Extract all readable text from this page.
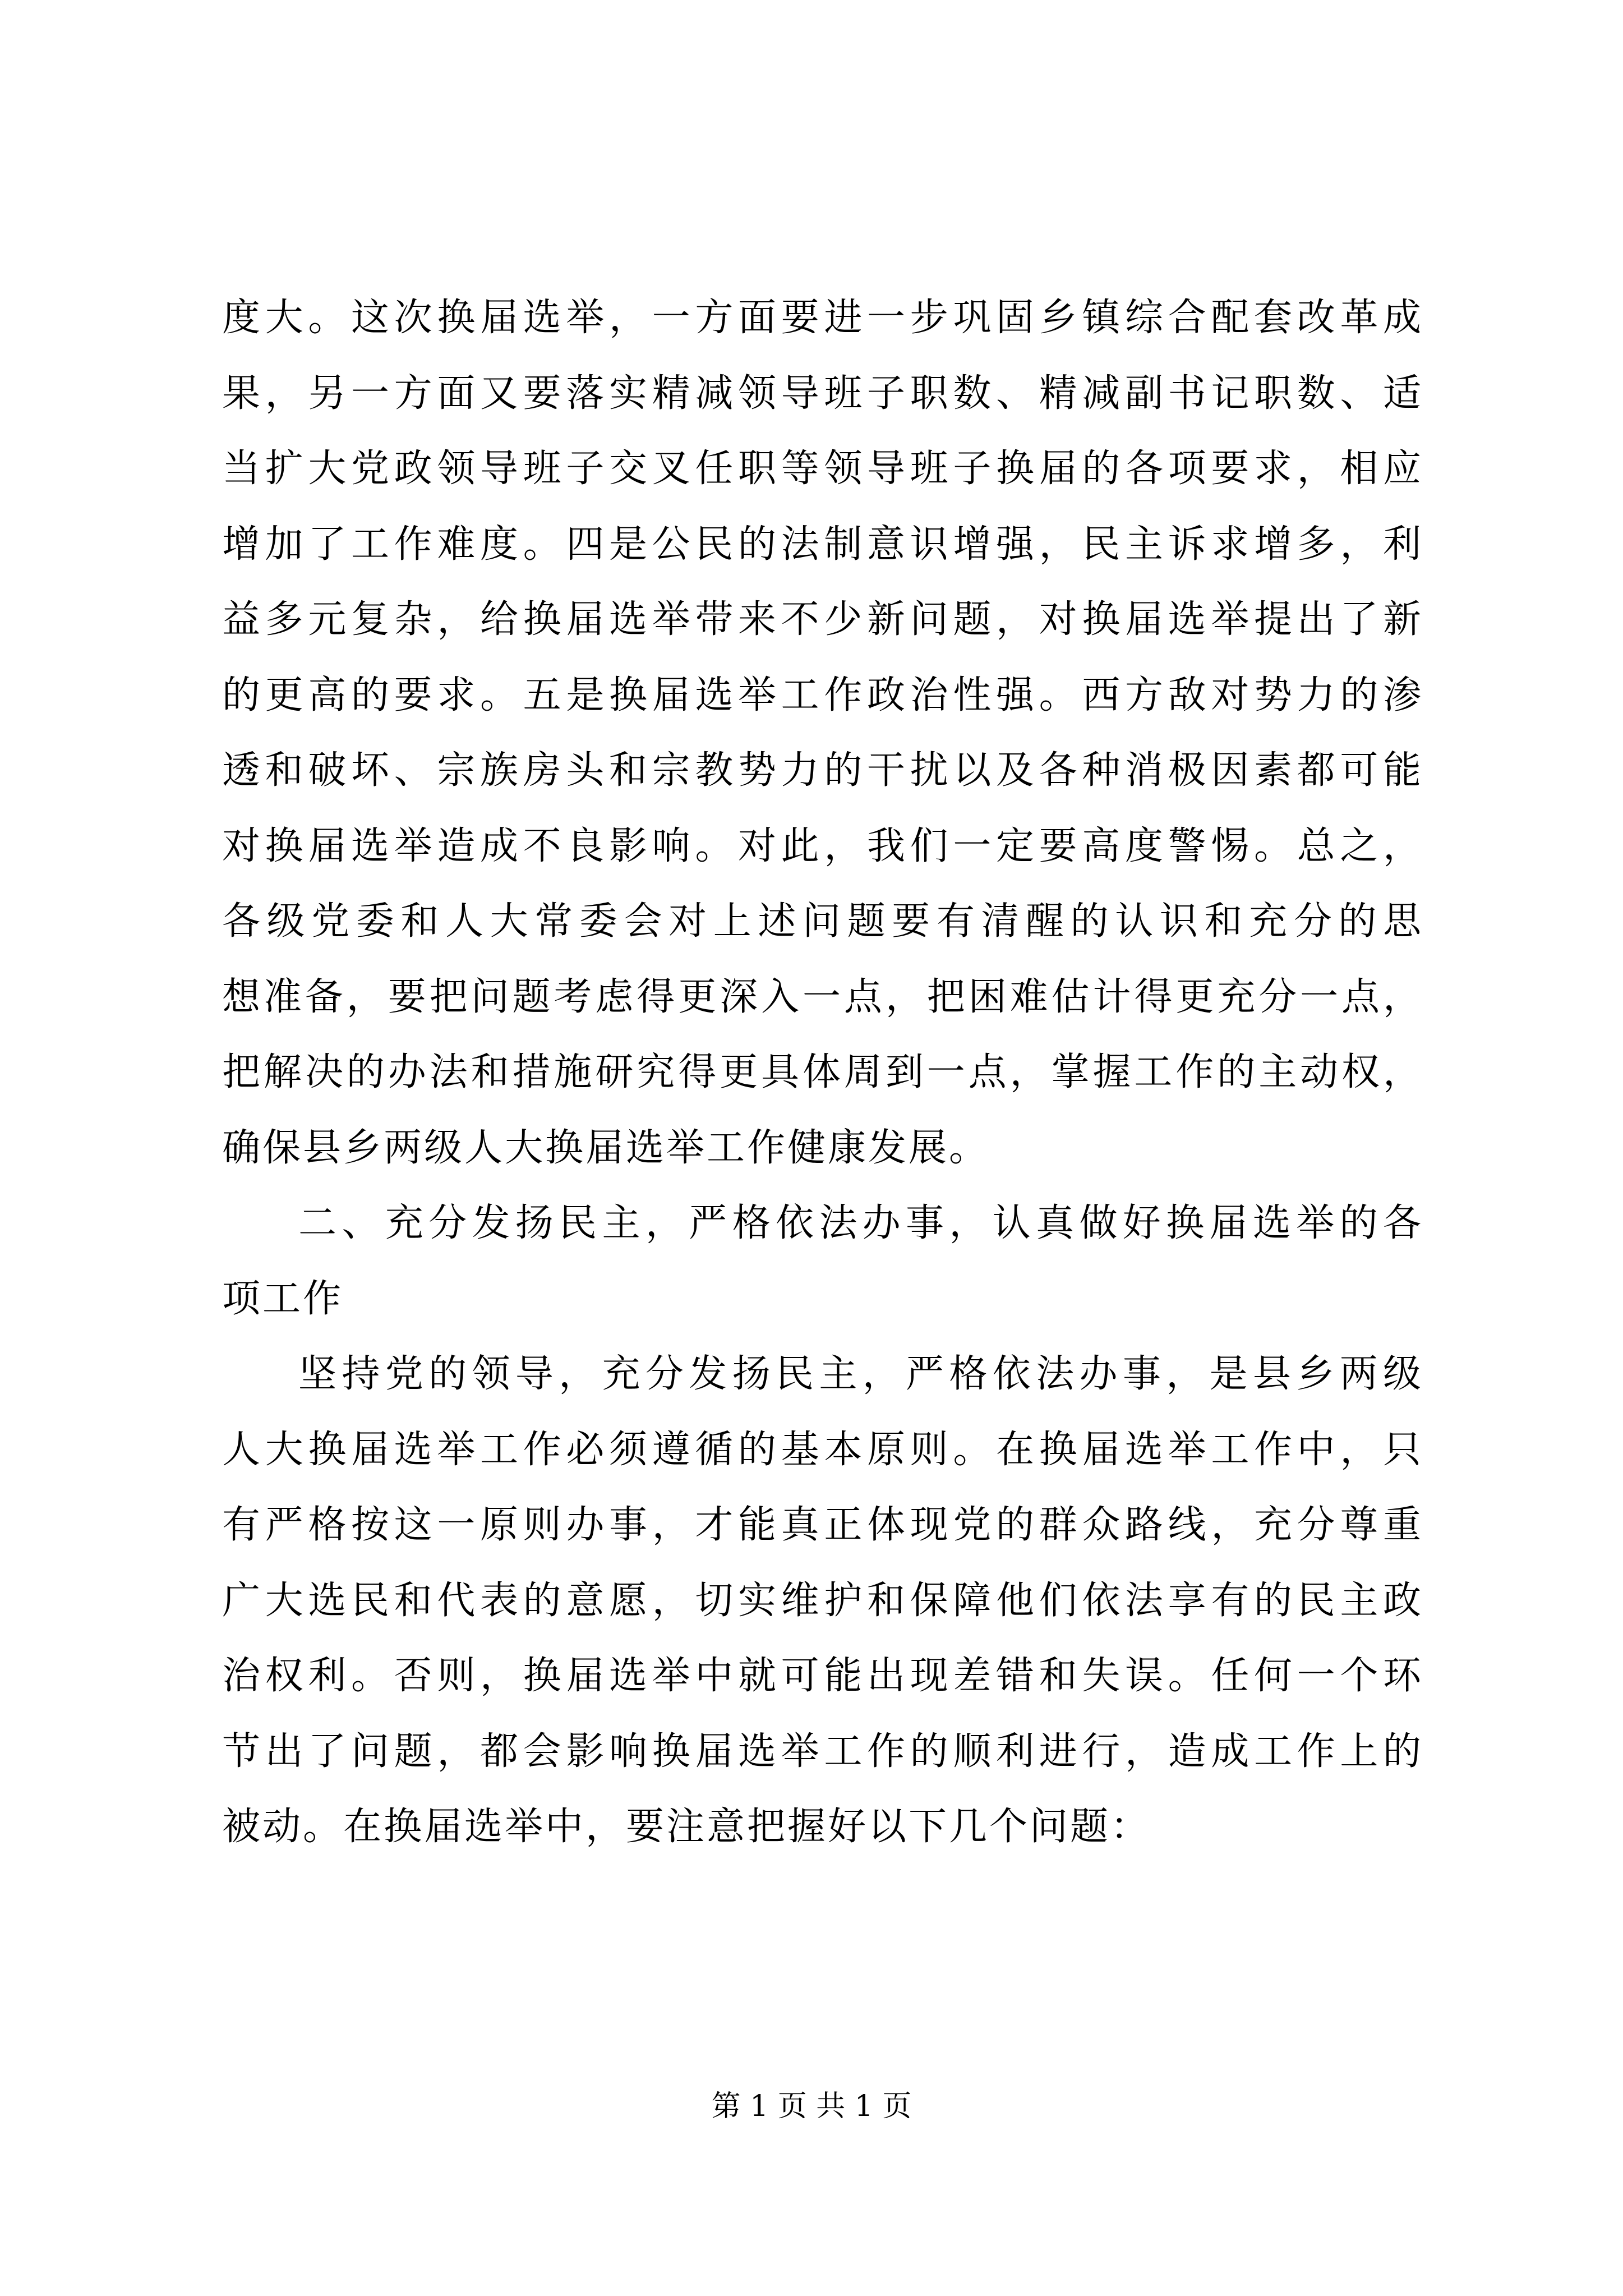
度大。这次换届选举，一方面要进一步巩固乡镇综合配套改革成
果，另一方面又要落实精减领导班子职数、精减副书记职数、适
当扩大党政领导班子交叉任职等领导班子换届的各项要求，相应
增加了工作难度。四是公民的法制意识增强，民主诉求增多，利
益多元复杂，给换届选举带来不少新问题，对换届选举提出了新
的更高的要求。五是换届选举工作政治性强。西方敌对势力的渗
透和破坏、宗族房头和宗教势力的干扰以及各种消极因素都可能
对换届选举造成不良影响。对此，我们一定要高度警惕。总之，
各级党委和人大常委会对上述问题要有清醒的认识和充分的思
想准备，要把问题考虑得更深入一点，把困难估计得更充分一点，
把解决的办法和措施研究得更具体周到一点，掌握工作的主动权，
确保县乡两级人大换届选举工作健康发展。
二、充分发扬民主，严格依法办事，认真做好换届选举的各
项工作
坚持党的领导，充分发扬民主，严格依法办事，是县乡两级
人大换届选举工作必须遵循的基本原则。在换届选举工作中，只
有严格按这一原则办事，才能真正体现党的群众路线，充分尊重
广大选民和代表的意愿，切实维护和保障他们依法享有的民主政
治权利。否则，换届选举中就可能出现差错和失误。任何一个环
节出了问题，都会影响换届选举工作的顺利进行，造成工作上的
被动。在换届选举中，要注意把握好以下几个问题：
第 1 页 共 1 页
